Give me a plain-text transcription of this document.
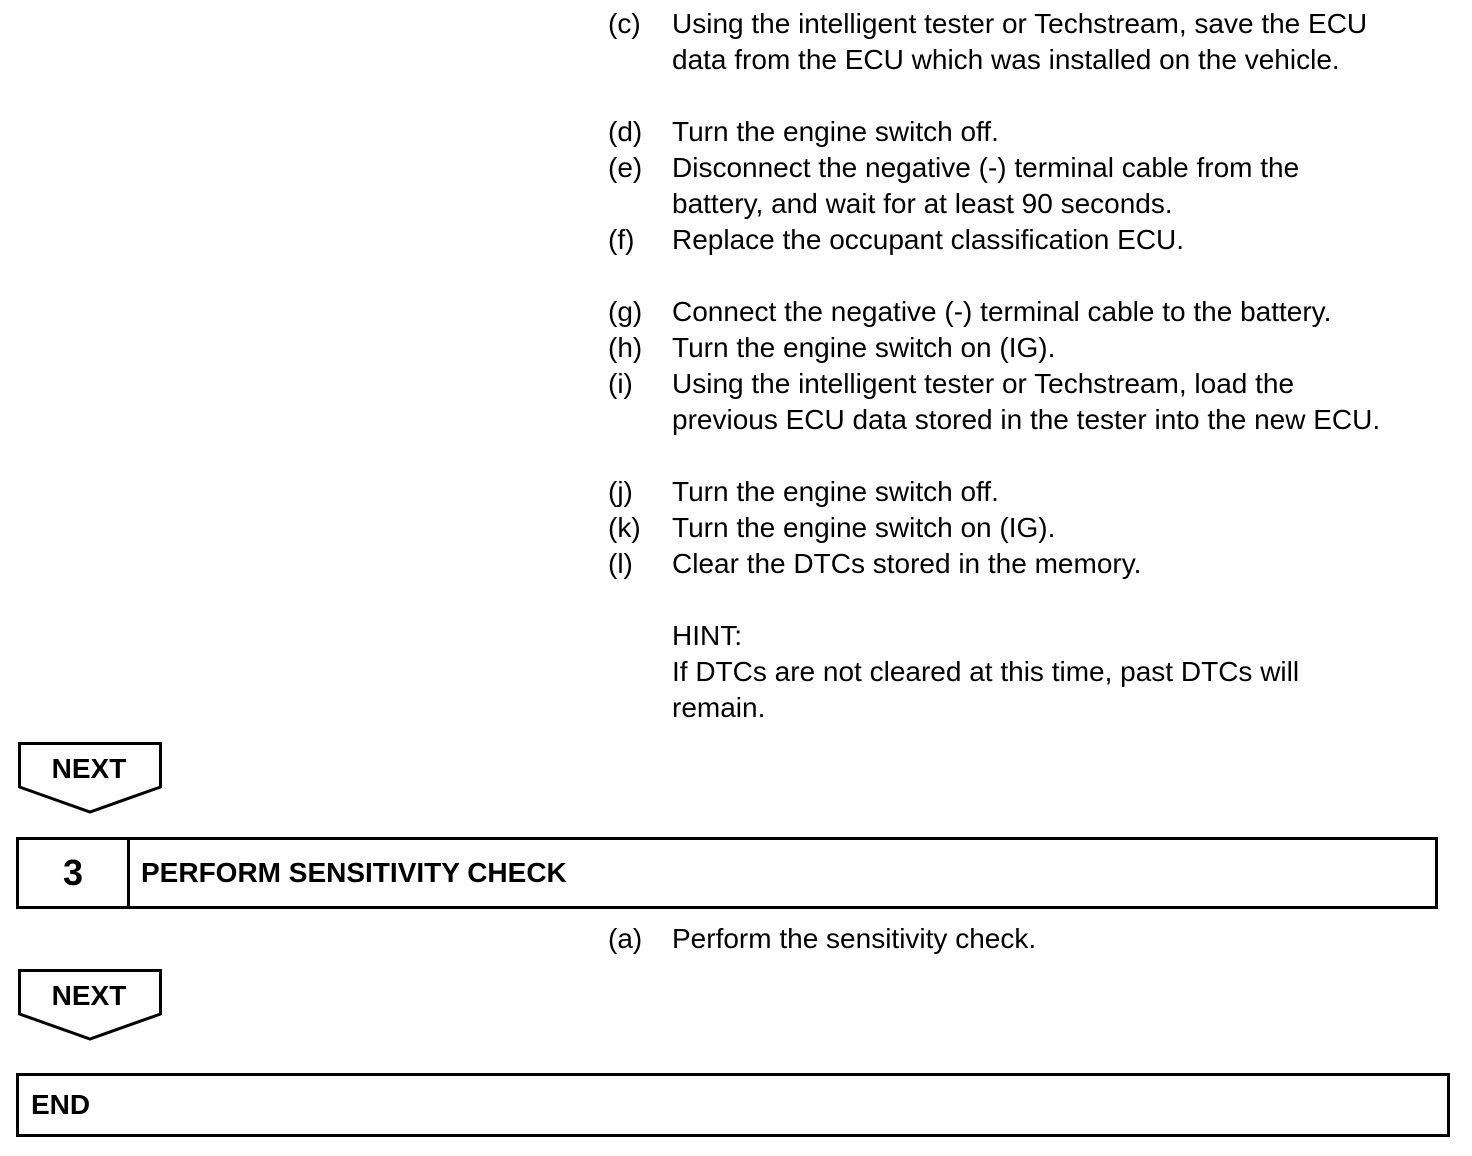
(c) Using the intelligent tester or Techstream, save the ECU
data from the ECU which was installed on the vehicle.
(d) Turn the engine switch off.
(e) Disconnect the negative (-) terminal cable from the
battery, and wait for at least 90 seconds.
(f) Replace the occupant classification ECU.
(g) Connect the negative (-) terminal cable to the battery.
(h) Turn the engine switch on (IG).
(i) Using the intelligent tester or Techstream, load the
previous ECU data stored in the tester into the new ECU.
(j) Turn the engine switch off.
(k) Turn the engine switch on (IG).
(l) Clear the DTCs stored in the memory.
HINT:
If DTCs are not cleared at this time, past DTCs will
remain.
NEXT
3	PERFORM SENSITIVITY CHECK
(a) Perform the sensitivity check.
NEXT
END
